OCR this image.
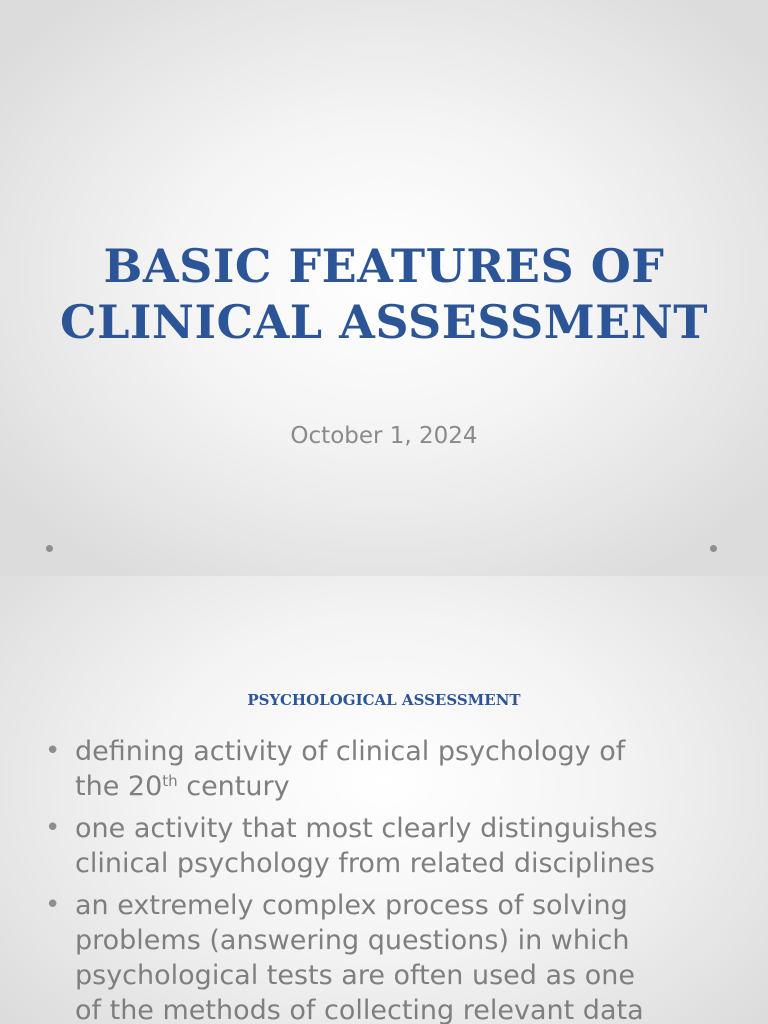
BASIC FEATURES OF
CLINICAL ASSESSMENT
October 1, 2024
PSYCHOLOGICAL ASSESSMENT
• defining activity of clinical psychology of
the 20th century
• one activity that most clearly distinguishes
clinical psychology from related disciplines
• an extremely complex process of solving
problems (answering questions) in which
psychological tests are often used as one
of the methods of collecting relevant data
